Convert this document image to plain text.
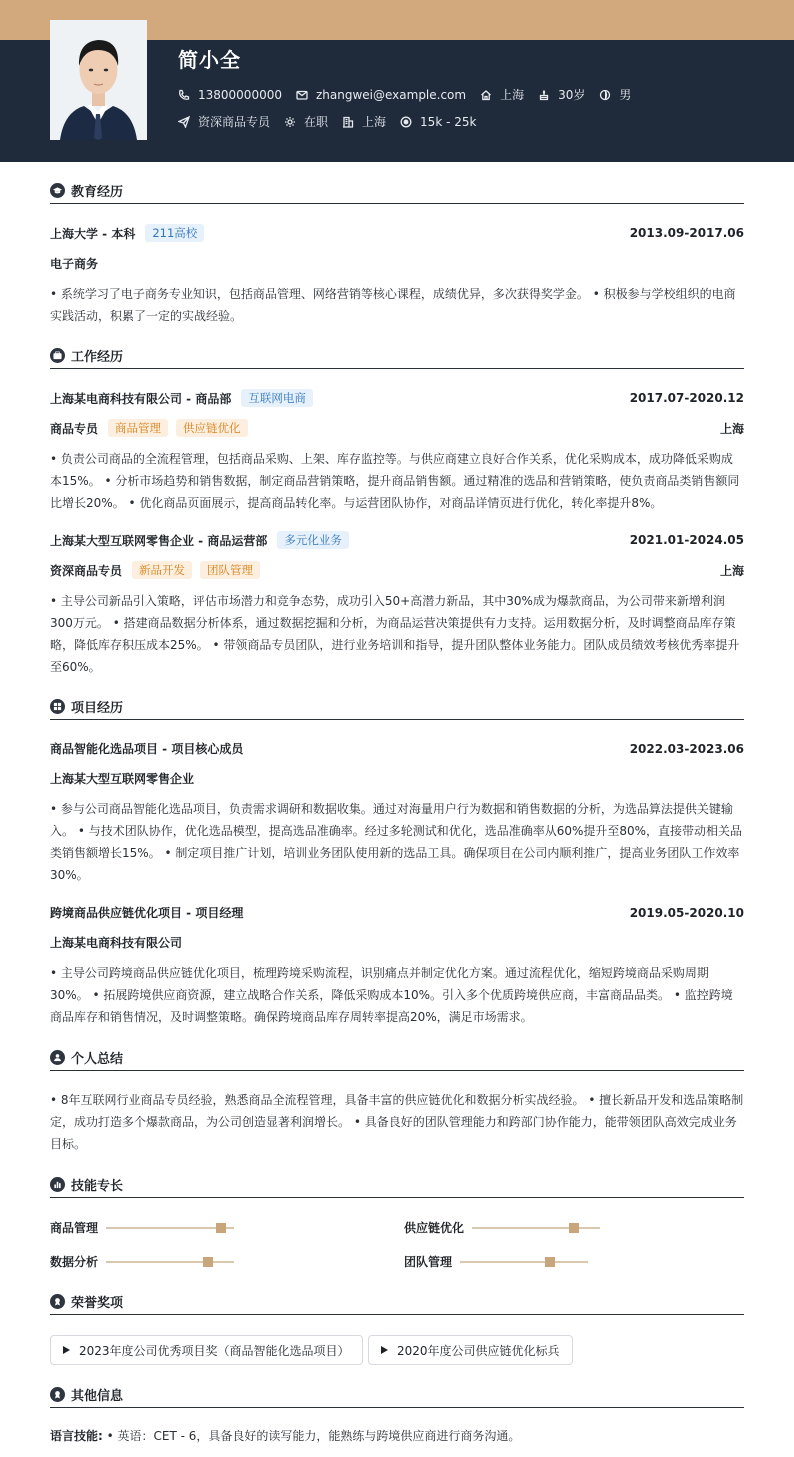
简小全
13800000000	zhangwei@example.com	上海	30岁	男
资深商品专员	在职	上海	15k - 25k
教育经历
上海大学 - 本科	211高校	2013.09-2017.06
电子商务
• 系统学习了电子商务专业知识，包括商品管理、网络营销等核心课程，成绩优异，多次获得奖学金。 • 积极参与学校组织的电商实践活动，积累了一定的实战经验。
工作经历
上海某电商科技有限公司 - 商品部	互联网电商	2017.07-2020.12
商品专员	商品管理	供应链优化	上海
• 负责公司商品的全流程管理，包括商品采购、上架、库存监控等。与供应商建立良好合作关系，优化采购成本，成功降低采购成本15%。 • 分析市场趋势和销售数据，制定商品营销策略，提升商品销售额。通过精准的选品和营销策略，使负责商品类销售额同比增长20%。 • 优化商品页面展示，提高商品转化率。与运营团队协作，对商品详情页进行优化，转化率提升8%。
上海某大型互联网零售企业 - 商品运营部	多元化业务	2021.01-2024.05
资深商品专员	新品开发	团队管理	上海
• 主导公司新品引入策略，评估市场潜力和竞争态势，成功引入50+高潜力新品，其中30%成为爆款商品，为公司带来新增利润300万元。 • 搭建商品数据分析体系，通过数据挖掘和分析，为商品运营决策提供有力支持。运用数据分析，及时调整商品库存策略，降低库存积压成本25%。 • 带领商品专员团队，进行业务培训和指导，提升团队整体业务能力。团队成员绩效考核优秀率提升至60%。
项目经历
商品智能化选品项目 - 项目核心成员	2022.03-2023.06
上海某大型互联网零售企业
• 参与公司商品智能化选品项目，负责需求调研和数据收集。通过对海量用户行为数据和销售数据的分析，为选品算法提供关键输入。 • 与技术团队协作，优化选品模型，提高选品准确率。经过多轮测试和优化，选品准确率从60%提升至80%，直接带动相关品类销售额增长15%。 • 制定项目推广计划，培训业务团队使用新的选品工具。确保项目在公司内顺利推广，提高业务团队工作效率30%。
跨境商品供应链优化项目 - 项目经理	2019.05-2020.10
上海某电商科技有限公司
• 主导公司跨境商品供应链优化项目，梳理跨境采购流程，识别痛点并制定优化方案。通过流程优化，缩短跨境商品采购周期30%。 • 拓展跨境供应商资源，建立战略合作关系，降低采购成本10%。引入多个优质跨境供应商，丰富商品品类。 • 监控跨境商品库存和销售情况，及时调整策略。确保跨境商品库存周转率提高20%，满足市场需求。
个人总结
• 8年互联网行业商品专员经验，熟悉商品全流程管理，具备丰富的供应链优化和数据分析实战经验。 • 擅长新品开发和选品策略制定，成功打造多个爆款商品，为公司创造显著利润增长。 • 具备良好的团队管理能力和跨部门协作能力，能带领团队高效完成业务目标。
技能专长
商品管理	供应链优化
数据分析	团队管理
荣誉奖项
2023年度公司优秀项目奖（商品智能化选品项目）	2020年度公司供应链优化标兵
其他信息
语言技能: • 英语：CET - 6，具备良好的读写能力，能熟练与跨境供应商进行商务沟通。
